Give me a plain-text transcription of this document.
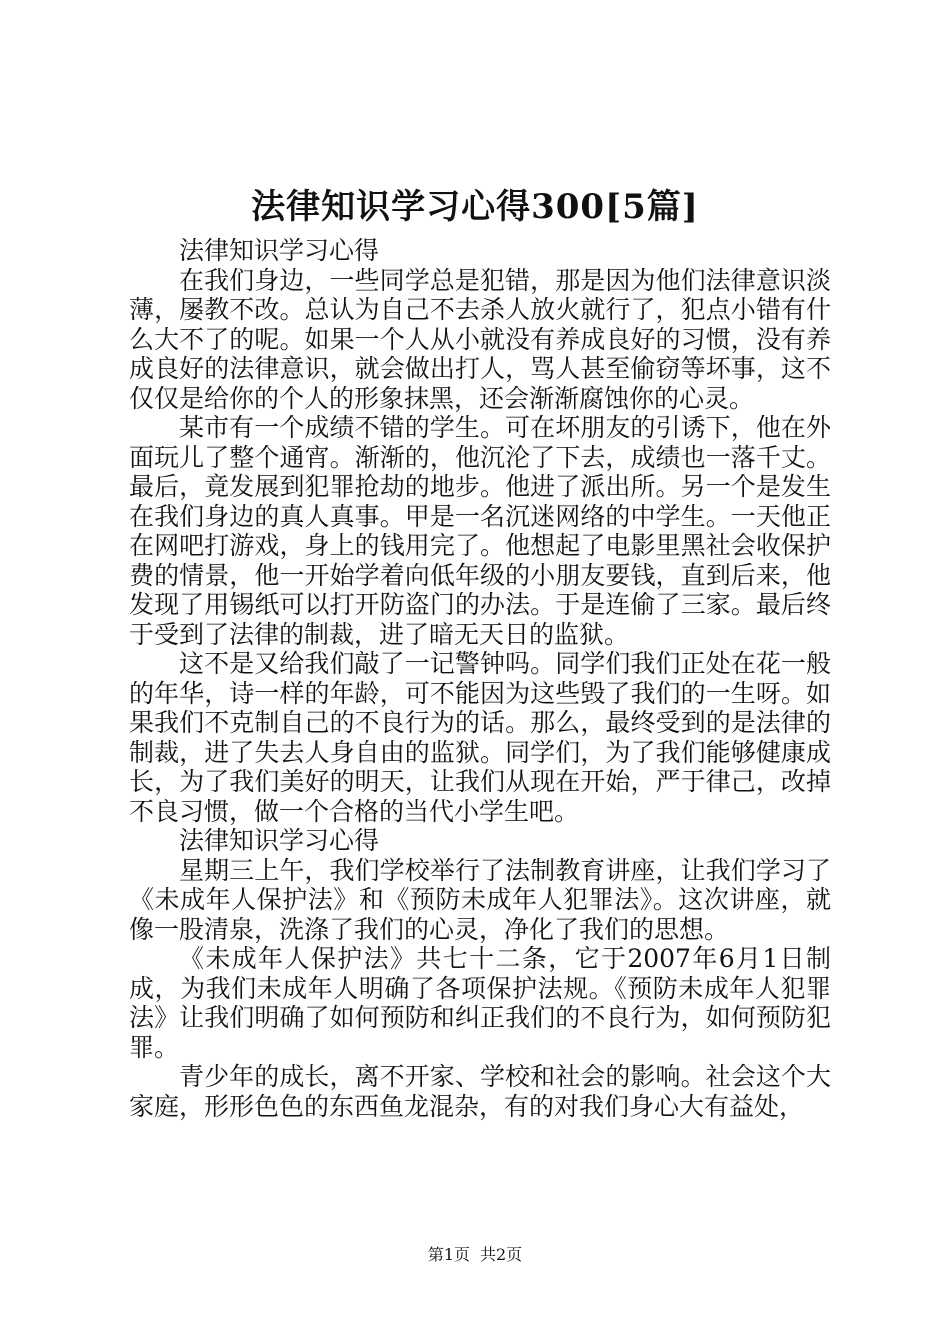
法律知识学习心得300[5篇]

法律知识学习心得

在我们身边，一些同学总是犯错，那是因为他们法律意识淡薄，屡教不改。总认为自己不去杀人放火就行了，犯点小错有什么大不了的呢。如果一个人从小就没有养成良好的习惯，没有养成良好的法律意识，就会做出打人，骂人甚至偷窃等坏事，这不仅仅是给你的个人的形象抹黑，还会渐渐腐蚀你的心灵。

某市有一个成绩不错的学生。可在坏朋友的引诱下，他在外面玩儿了整个通宵。渐渐的，他沉沦了下去，成绩也一落千丈。最后，竟发展到犯罪抢劫的地步。他进了派出所。另一个是发生在我们身边的真人真事。甲是一名沉迷网络的中学生。一天他正在网吧打游戏，身上的钱用完了。他想起了电影里黑社会收保护费的情景，他一开始学着向低年级的小朋友要钱，直到后来，他发现了用锡纸可以打开防盗门的办法。于是连偷了三家。最后终于受到了法律的制裁，进了暗无天日的监狱。

这不是又给我们敲了一记警钟吗。同学们我们正处在花一般的年华，诗一样的年龄，可不能因为这些毁了我们的一生呀。如果我们不克制自己的不良行为的话。那么，最终受到的是法律的制裁，进了失去人身自由的监狱。同学们，为了我们能够健康成长，为了我们美好的明天，让我们从现在开始，严于律己，改掉不良习惯，做一个合格的当代小学生吧。

法律知识学习心得

星期三上午，我们学校举行了法制教育讲座，让我们学习了《未成年人保护法》和《预防未成年人犯罪法》。这次讲座，就像一股清泉，洗涤了我们的心灵，净化了我们的思想。

《未成年人保护法》共七十二条，它于2007年6月1日制成，为我们未成年人明确了各项保护法规。《预防未成年人犯罪法》让我们明确了如何预防和纠正我们的不良行为，如何预防犯罪。

青少年的成长，离不开家、学校和社会的影响。社会这个大家庭，形形色色的东西鱼龙混杂，有的对我们身心大有益处，

第1页 共2页
